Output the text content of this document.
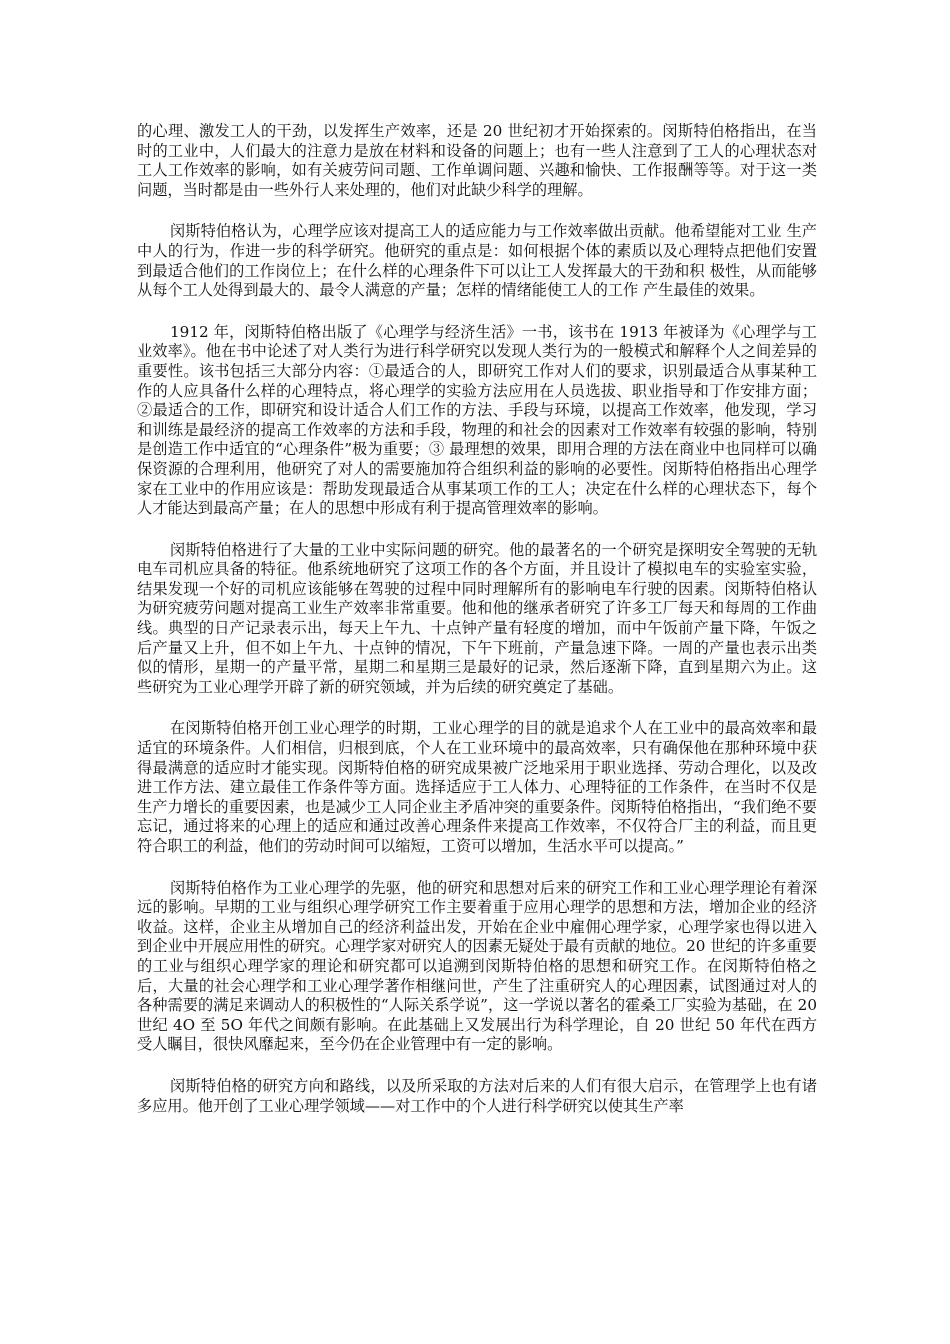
的心理、激发工人的干劲，以发挥生产效率，还是 20 世纪初才开始探索的。闵斯特伯格指出，在当时的工业中，人们最大的注意力是放在材料和设备的问题上；也有一些人注意到了工人的心理状态对工人工作效率的影响，如有关疲劳问司题、工作单调问题、兴趣和愉快、工作报酬等等。对于这一类问题，当时都是由一些外行人来处理的，他们对此缺少科学的理解。

闵斯特伯格认为，心理学应该对提高工人的适应能力与工作效率做出贡献。他希望能对工业 生产中人的行为，作进一步的科学研究。他研究的重点是：如何根据个体的素质以及心理特点把他们安置到最适合他们的工作岗位上；在什么样的心理条件下可以让工人发挥最大的干劲和积 极性，从而能够从每个工人处得到最大的、最令人满意的产量；怎样的情绪能使工人的工作 产生最佳的效果。

1912 年，闵斯特伯格出版了《心理学与经济生活》一书，该书在 1913 年被译为《心理学与工业效率》。他在书中论述了对人类行为进行科学研究以发现人类行为的一般模式和解释个人之间差异的重要性。该书包括三大部分内容：①最适合的人，即研究工作对人们的要求，识别最适合从事某种工作的人应具备什么样的心理特点，将心理学的实验方法应用在人员选拔、职业指导和丁作安排方面；②最适合的工作，即研究和设计适合人们工作的方法、手段与环境，以提高工作效率，他发现，学习和训练是最经济的提高工作效率的方法和手段，物理的和社会的因素对工作效率有较强的影响，特别是创造工作中适宜的“心理条件”极为重要；③ 最理想的效果，即用合理的方法在商业中也同样可以确保资源的合理利用，他研究了对人的需要施加符合组织利益的影响的必要性。闵斯特伯格指出心理学家在工业中的作用应该是：帮助发现最适合从事某项工作的工人；决定在什么样的心理状态下，每个人才能达到最高产量；在人的思想中形成有利于提高管理效率的影响。

闵斯特伯格进行了大量的工业中实际问题的研究。他的最著名的一个研究是探明安全驾驶的无轨电车司机应具备的特征。他系统地研究了这项工作的各个方面，并且设计了模拟电车的实验室实验，结果发现一个好的司机应该能够在驾驶的过程中同时理解所有的影响电车行驶的因素。闵斯特伯格认为研究疲劳问题对提高工业生产效率非常重要。他和他的继承者研究了许多工厂每天和每周的工作曲线。典型的日产记录表示出，每天上午九、十点钟产量有轻度的增加，而中午饭前产量下降，午饭之后产量又上升，但不如上午九、十点钟的情况，下午下班前，产量急速下降。一周的产量也表示出类似的情形，星期一的产量平常，星期二和星期三是最好的记录，然后逐渐下降，直到星期六为止。这些研究为工业心理学开辟了新的研究领域，并为后续的研究奠定了基础。

在闵斯特伯格开创工业心理学的时期，工业心理学的目的就是追求个人在工业中的最高效率和最适宜的环境条件。人们相信，归根到底，个人在工业环境中的最高效率，只有确保他在那种环境中获得最满意的适应时才能实现。闵斯特伯格的研究成果被广泛地采用于职业选择、劳动合理化，以及改进工作方法、建立最佳工作条件等方面。选择适应于工人体力、心理特征的工作条件，在当时不仅是生产力增长的重要因素，也是减少工人同企业主矛盾冲突的重要条件。闵斯特伯格指出，“我们绝不要忘记，通过将来的心理上的适应和通过改善心理条件来提高工作效率，不仅符合厂主的利益，而且更符合职工的利益，他们的劳动时间可以缩短，工资可以增加，生活水平可以提高。”

闵斯特伯格作为工业心理学的先驱，他的研究和思想对后来的研究工作和工业心理学理论有着深远的影响。早期的工业与组织心理学研究工作主要着重于应用心理学的思想和方法，增加企业的经济收益。这样，企业主从增加自己的经济利益出发，开始在企业中雇佣心理学家，心理学家也得以进入到企业中开展应用性的研究。心理学家对研究人的因素无疑处于最有贡献的地位。20 世纪的许多重要的工业与组织心理学家的理论和研究都可以追溯到闵斯特伯格的思想和研究工作。在闵斯特伯格之后，大量的社会心理学和工业心理学著作相继问世，产生了注重研究人的心理因素，试图通过对人的各种需要的满足来调动人的积极性的“人际关系学说”，这一学说以著名的霍桑工厂实验为基础，在 20 世纪 4O 至 5O 年代之间颇有影响。在此基础上又发展出行为科学理论，自 20 世纪 50 年代在西方受人瞩目，很快风靡起来，至今仍在企业管理中有一定的影响。

闵斯特伯格的研究方向和路线，以及所采取的方法对后来的人们有很大启示，在管理学上也有诸多应用。他开创了工业心理学领域——对工作中的个人进行科学研究以使其生产率
